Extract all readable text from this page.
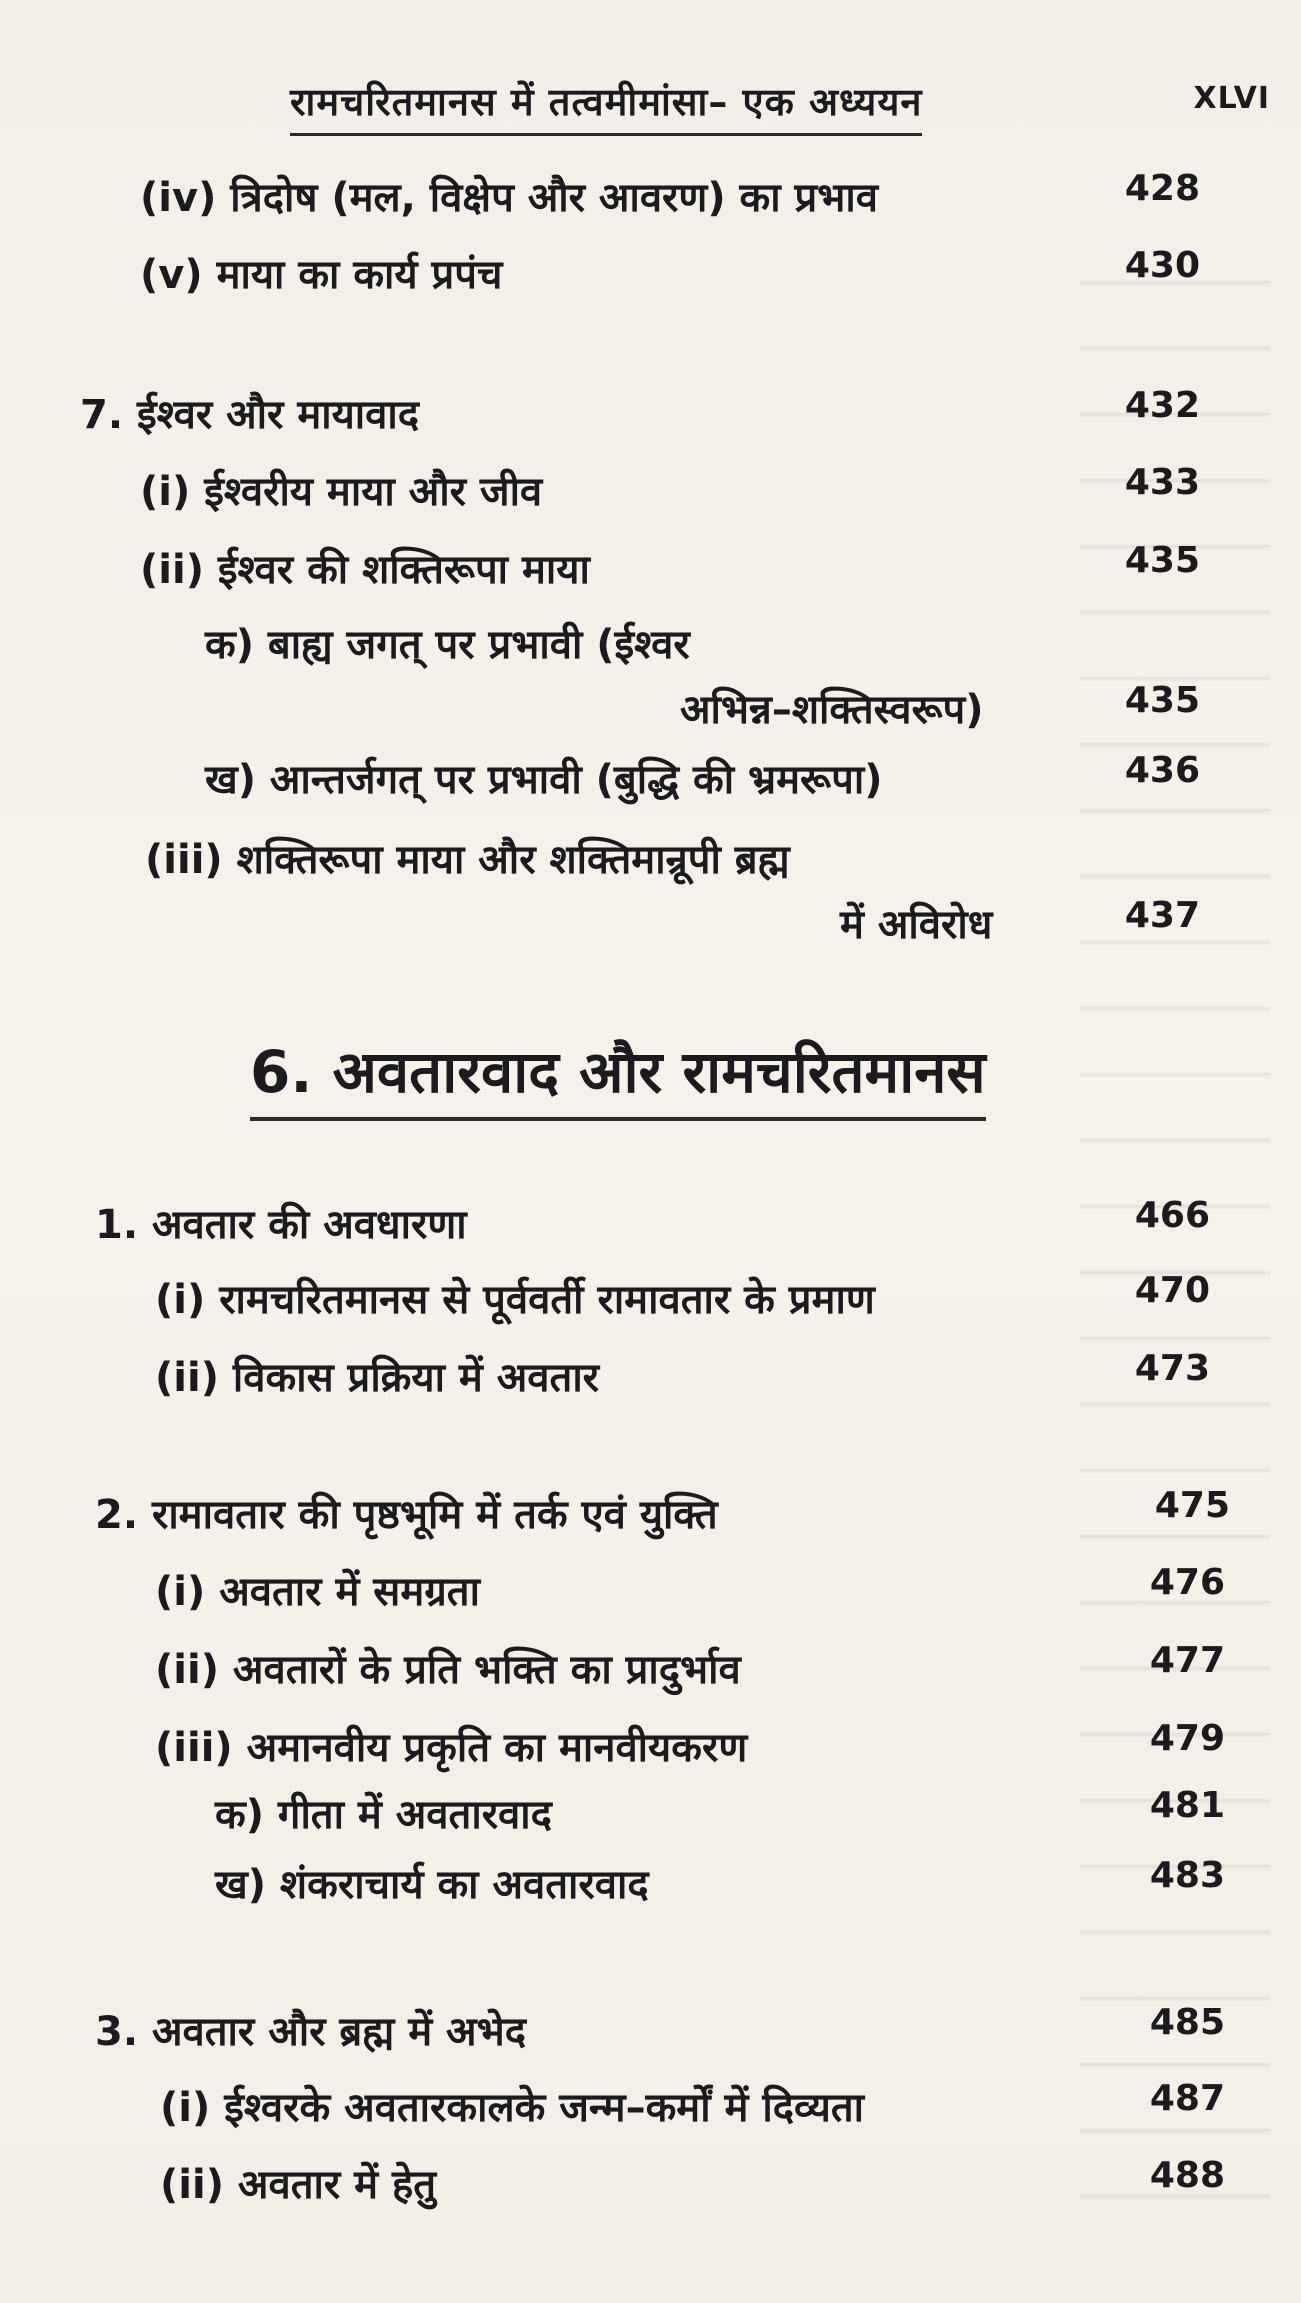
रामचरितमानस में तत्वमीमांसा– एक अध्ययन	XLVI
(iv) त्रिदोष (मल, विक्षेप और आवरण) का प्रभाव	428
(v) माया का कार्य प्रपंच	430
7. ईश्वर और मायावाद	432
(i) ईश्वरीय माया और जीव	433
(ii) ईश्वर की शक्तिरूपा माया	435
क) बाह्य जगत् पर प्रभावी (ईश्वर
अभिन्न–शक्तिस्वरूप)	435
ख) आन्तर्जगत् पर प्रभावी (बुद्धि की भ्रमरूपा)	436
(iii) शक्तिरूपा माया और शक्तिमान्रूपी ब्रह्म
में अविरोध	437
6. अवतारवाद और रामचरितमानस
1. अवतार की अवधारणा	466
(i) रामचरितमानस से पूर्ववर्ती रामावतार के प्रमाण	470
(ii) विकास प्रक्रिया में अवतार	473
2. रामावतार की पृष्ठभूमि में तर्क एवं युक्ति	475
(i) अवतार में समग्रता	476
(ii) अवतारों के प्रति भक्ति का प्रादुर्भाव	477
(iii) अमानवीय प्रकृति का मानवीयकरण	479
क) गीता में अवतारवाद	481
ख) शंकराचार्य का अवतारवाद	483
3. अवतार और ब्रह्म में अभेद	485
(i) ईश्वरके अवतारकालके जन्म–कर्मों में दिव्यता	487
(ii) अवतार में हेतु	488
